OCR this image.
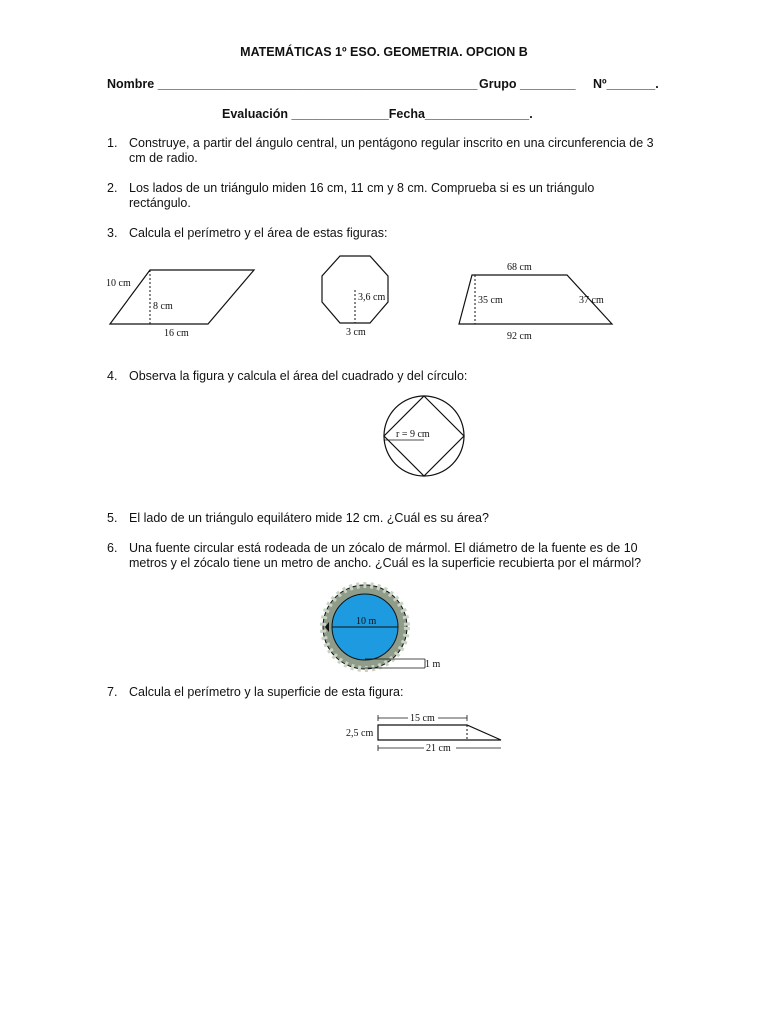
MATEMÁTICAS 1º ESO. GEOMETRIA. OPCION B
Nombre ______________________________________________ Grupo ________ Nº_______.
Evaluación ______________Fecha_______________.
1. Construye, a partir del ángulo central, un pentágono regular inscrito en una circunferencia de 3 cm de radio.
2. Los lados de un triángulo miden 16 cm, 11 cm y 8 cm. Comprueba si es un triángulo rectángulo.
3. Calcula el perímetro y el área de estas figuras:
10 cm
8 cm
16 cm
3,6 cm
3 cm
68 cm
35 cm	37 cm
92 cm
r = 9 cm
10 m
1 m
15 cm
2,5 cm
21 cm
4. Observa la figura y calcula el área del cuadrado y del círculo:
5. El lado de un triángulo equilátero mide 12 cm. ¿Cuál es su área?
6. Una fuente circular está rodeada de un zócalo de mármol. El diámetro de la fuente es de 10 metros y el zócalo tiene un metro de ancho. ¿Cuál es la superficie recubierta por el mármol?
7. Calcula el perímetro y la superficie de esta figura:
